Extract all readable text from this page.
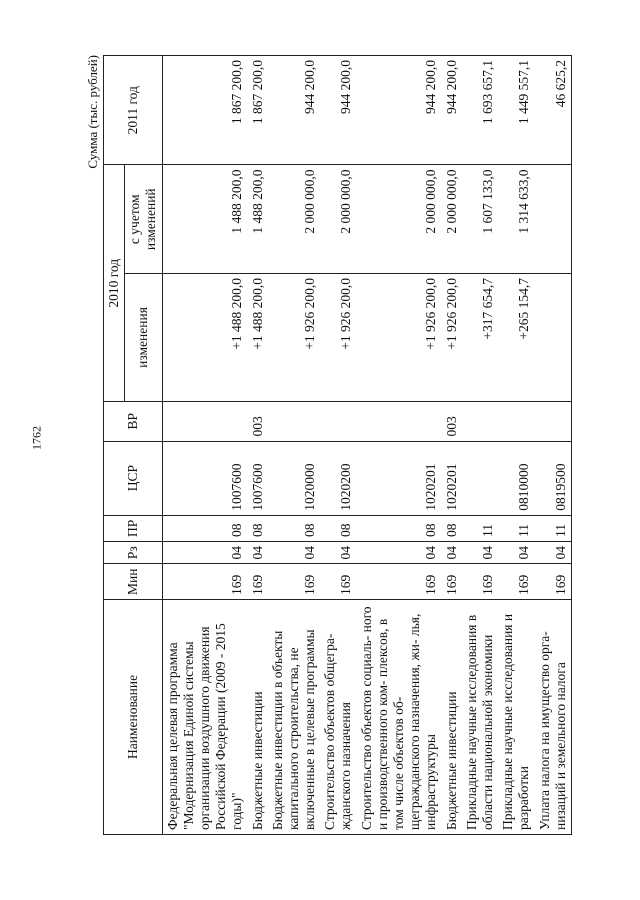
1762
Сумма (тыс. рублей)
Наименование	Мин	Рз	ПР	ЦСР	ВР	2010 год		2011 год
						изменения	с учетом изменений	
Федеральная целевая программа "Модернизация Единой системы организации воздушного движения Российской Федерации (2009 - 2015 годы)"	169	04	08	1007600		+1 488 200,0	1 488 200,0	1 867 200,0
Бюджетные инвестиции	169	04	08	1007600	003	+1 488 200,0	1 488 200,0	1 867 200,0
Бюджетные инвестиции в объекты капитального строительства, не включенные в целевые программы	169	04	08	1020000		+1 926 200,0	2 000 000,0	944 200,0
Строительство объектов общегра- жданского назначения	169	04	08	1020200		+1 926 200,0	2 000 000,0	944 200,0
Строительство объектов социаль- ного и производственного ком- плексов, в том числе объектов об- щегражданского назначения, жи- лья, инфраструктуры	169	04	08	1020201		+1 926 200,0	2 000 000,0	944 200,0
Бюджетные инвестиции	169	04	08	1020201	003	+1 926 200,0	2 000 000,0	944 200,0
Прикладные научные исследования в области национальной экономики	169	04	11			+317 654,7	1 607 133,0	1 693 657,1
Прикладные научные исследования и разработки	169	04	11	0810000		+265 154,7	1 314 633,0	1 449 557,1
Уплата налога на имущество орга- низаций и земельного налога	169	04	11	0819500				46 625,2
